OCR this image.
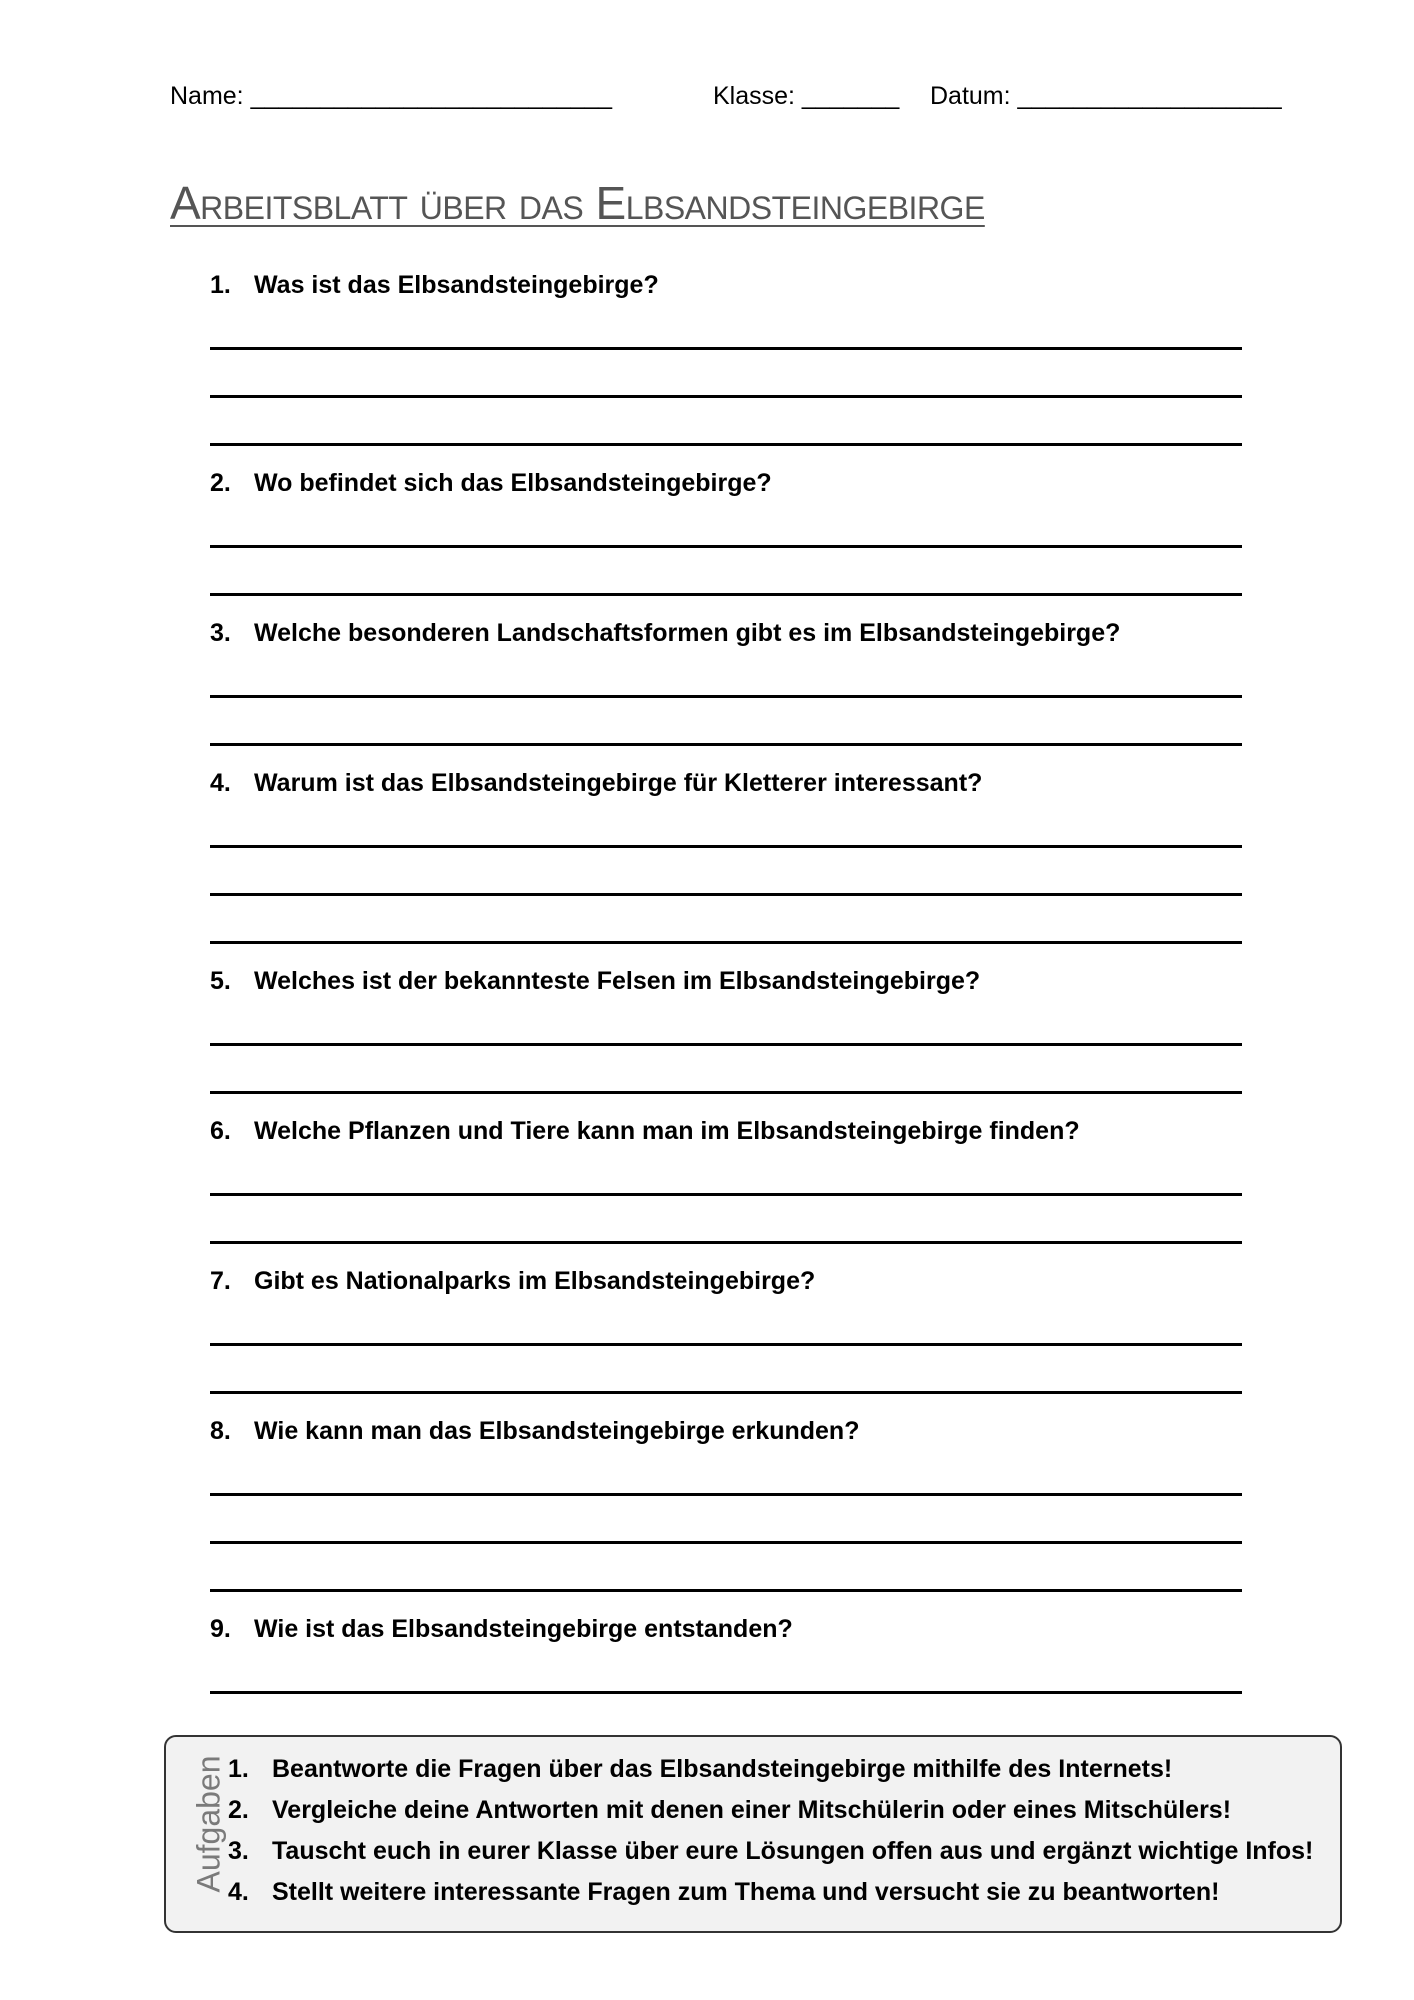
Name: __________________________	Klasse: _______ Datum: ___________________
Arbeitsblatt über das Elbsandsteingebirge
1. Was ist das Elbsandsteingebirge?
2. Wo befindet sich das Elbsandsteingebirge?
3. Welche besonderen Landschaftsformen gibt es im Elbsandsteingebirge?
4. Warum ist das Elbsandsteingebirge für Kletterer interessant?
5. Welches ist der bekannteste Felsen im Elbsandsteingebirge?
6. Welche Pflanzen und Tiere kann man im Elbsandsteingebirge finden?
7. Gibt es Nationalparks im Elbsandsteingebirge?
8. Wie kann man das Elbsandsteingebirge erkunden?
9. Wie ist das Elbsandsteingebirge entstanden?
Aufgaben 1. Beantworte die Fragen über das Elbsandsteingebirge mithilfe des Internets!
2. Vergleiche deine Antworten mit denen einer Mitschülerin oder eines Mitschülers!
3. Tauscht euch in eurer Klasse über eure Lösungen offen aus und ergänzt wichtige Infos!
4. Stellt weitere interessante Fragen zum Thema und versucht sie zu beantworten!
